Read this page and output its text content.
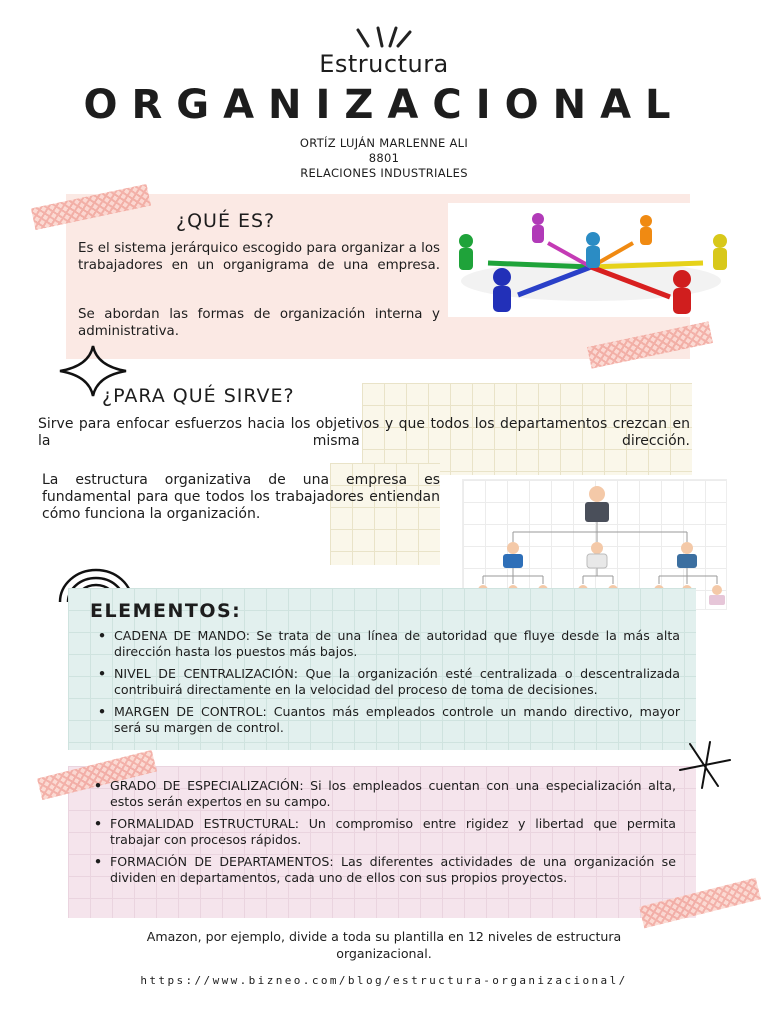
Estructura
ORGANIZACIONAL
ORTÍZ LUJÁN MARLENNE ALI
8801
RELACIONES INDUSTRIALES
¿QUÉ ES?

Es el sistema jerárquico escogido para organizar a los trabajadores en un organigrama de una empresa.

Se abordan las formas de organización interna y administrativa.

¿PARA QUÉ SIRVE?

Sirve para enfocar esfuerzos hacia los objetivos y que todos los departamentos crezcan en la misma dirección.

La estructura organizativa de una empresa es fundamental para que todos los trabajadores entiendan cómo funciona la organización.

ELEMENTOS:
• CADENA DE MANDO: Se trata de una línea de autoridad que fluye desde la más alta dirección hasta los puestos más bajos.
• NIVEL DE CENTRALIZACIÓN: Que la organización esté centralizada o descentralizada contribuirá directamente en la velocidad del proceso de toma de decisiones.
• MARGEN DE CONTROL: Cuantos más empleados controle un mando directivo, mayor será su margen de control.
• GRADO DE ESPECIALIZACIÓN: Si los empleados cuentan con una especialización alta, estos serán expertos en su campo.
• FORMALIDAD ESTRUCTURAL: Un compromiso entre rigidez y libertad que permita trabajar con procesos rápidos.
• FORMACIÓN DE DEPARTAMENTOS: Las diferentes actividades de una organización se dividen en departamentos, cada uno de ellos con sus propios proyectos.

Amazon, por ejemplo, divide a toda su plantilla en 12 niveles de estructura organizacional.

https://www.bizneo.com/blog/estructura-organizacional/
